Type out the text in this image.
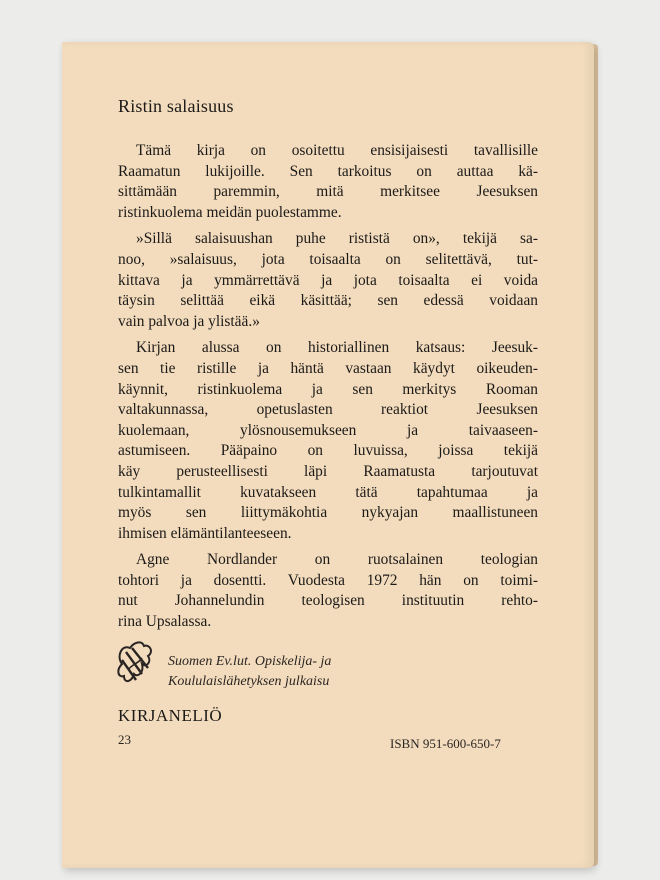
Ristin salaisuus
Tämä kirja on osoitettu ensisijaisesti tavallisille
Raamatun lukijoille. Sen tarkoitus on auttaa kä-
sittämään paremmin, mitä merkitsee Jeesuksen
ristinkuolema meidän puolestamme.
»Sillä salaisuushan puhe rististä on», tekijä sa-
noo, »salaisuus, jota toisaalta on selitettävä, tut-
kittava ja ymmärrettävä ja jota toisaalta ei voida
täysin selittää eikä käsittää; sen edessä voidaan
vain palvoa ja ylistää.»
Kirjan alussa on historiallinen katsaus: Jeesuk-
sen tie ristille ja häntä vastaan käydyt oikeuden-
käynnit, ristinkuolema ja sen merkitys Rooman
valtakunnassa, opetuslasten reaktiot Jeesuksen
kuolemaan, ylösnousemukseen ja taivaaseen-
astumiseen. Pääpaino on luvuissa, joissa tekijä
käy perusteellisesti läpi Raamatusta tarjoutuvat
tulkintamallit kuvatakseen tätä tapahtumaa ja
myös sen liittymäkohtia nykyajan maallistuneen
ihmisen elämäntilanteeseen.
Agne Nordlander on ruotsalainen teologian
tohtori ja dosentti. Vuodesta 1972 hän on toimi-
nut Johannelundin teologisen instituutin rehto-
rina Upsalassa.
Suomen Ev.lut. Opiskelija- ja
Koululaislähetyksen julkaisu
KIRJANELIÖ
23	ISBN 951-600-650-7
